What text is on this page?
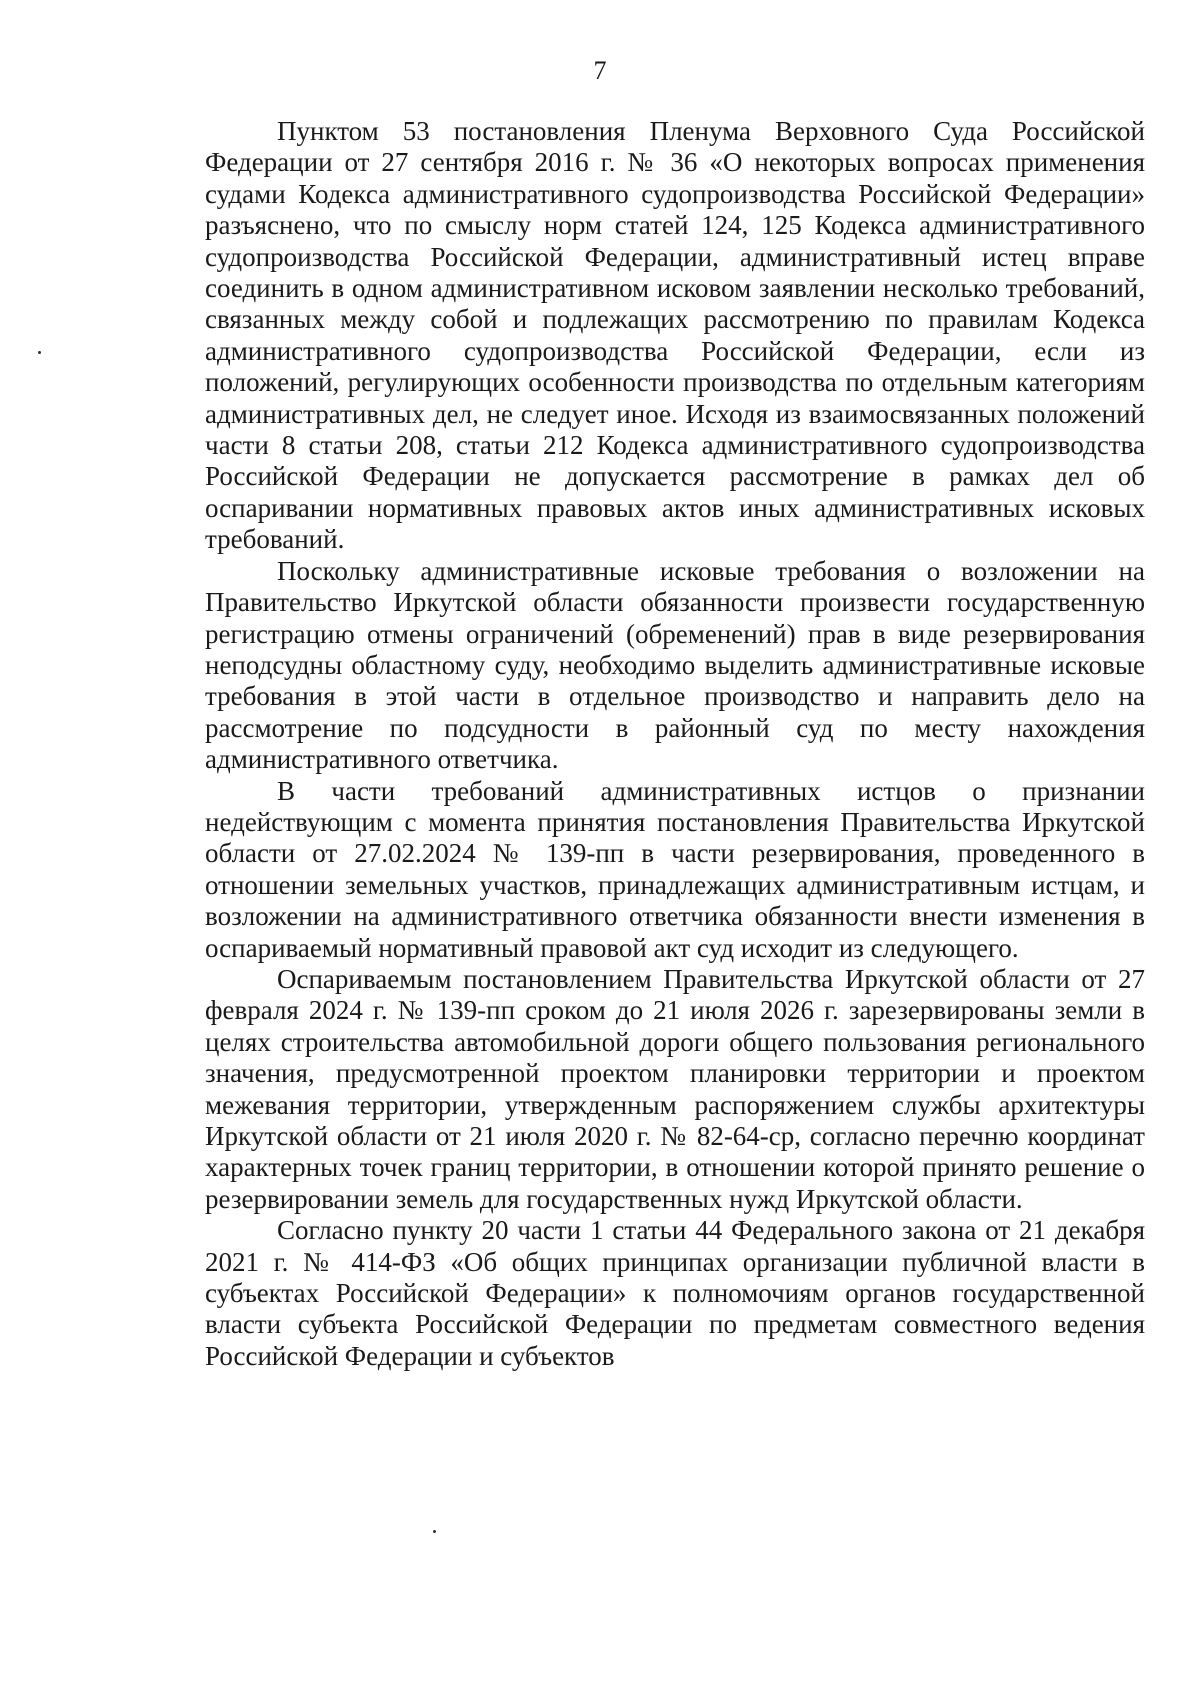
7

Пунктом 53 постановления Пленума Верховного Суда Российской Федерации от 27 сентября 2016 г. № 36 «О некоторых вопросах применения судами Кодекса административного судопроизводства Российской Федерации» разъяснено, что по смыслу норм статей 124, 125 Кодекса административного судопроизводства Российской Федерации, административный истец вправе соединить в одном административном исковом заявлении несколько требований, связанных между собой и подлежащих рассмотрению по правилам Кодекса административного судопроизводства Российской Федерации, если из положений, регулирующих особенности производства по отдельным категориям административных дел, не следует иное. Исходя из взаимосвязанных положений части 8 статьи 208, статьи 212 Кодекса административного судопроизводства Российской Федерации не допускается рассмотрение в рамках дел об оспаривании нормативных правовых актов иных административных исковых требований.

Поскольку административные исковые требования о возложении на Правительство Иркутской области обязанности произвести государственную регистрацию отмены ограничений (обременений) прав в виде резервирования неподсудны областному суду, необходимо выделить административные исковые требования в этой части в отдельное производство и направить дело на рассмотрение по подсудности в районный суд по месту нахождения административного ответчика.

В части требований административных истцов о признании недействующим с момента принятия постановления Правительства Иркутской области от 27.02.2024 № 139-пп в части резервирования, проведенного в отношении земельных участков, принадлежащих административным истцам, и возложении на административного ответчика обязанности внести изменения в оспариваемый нормативный правовой акт суд исходит из следующего.

Оспариваемым постановлением Правительства Иркутской области от 27 февраля 2024 г. № 139-пп сроком до 21 июля 2026 г. зарезервированы земли в целях строительства автомобильной дороги общего пользования регионального значения, предусмотренной проектом планировки территории и проектом межевания территории, утвержденным распоряжением службы архитектуры Иркутской области от 21 июля 2020 г. № 82-64-ср, согласно перечню координат характерных точек границ территории, в отношении которой принято решение о резервировании земель для государственных нужд Иркутской области.

Согласно пункту 20 части 1 статьи 44 Федерального закона от 21 декабря 2021 г. № 414-ФЗ «Об общих принципах организации публичной власти в субъектах Российской Федерации» к полномочиям органов государственной власти субъекта Российской Федерации по предметам совместного ведения Российской Федерации и субъектов
